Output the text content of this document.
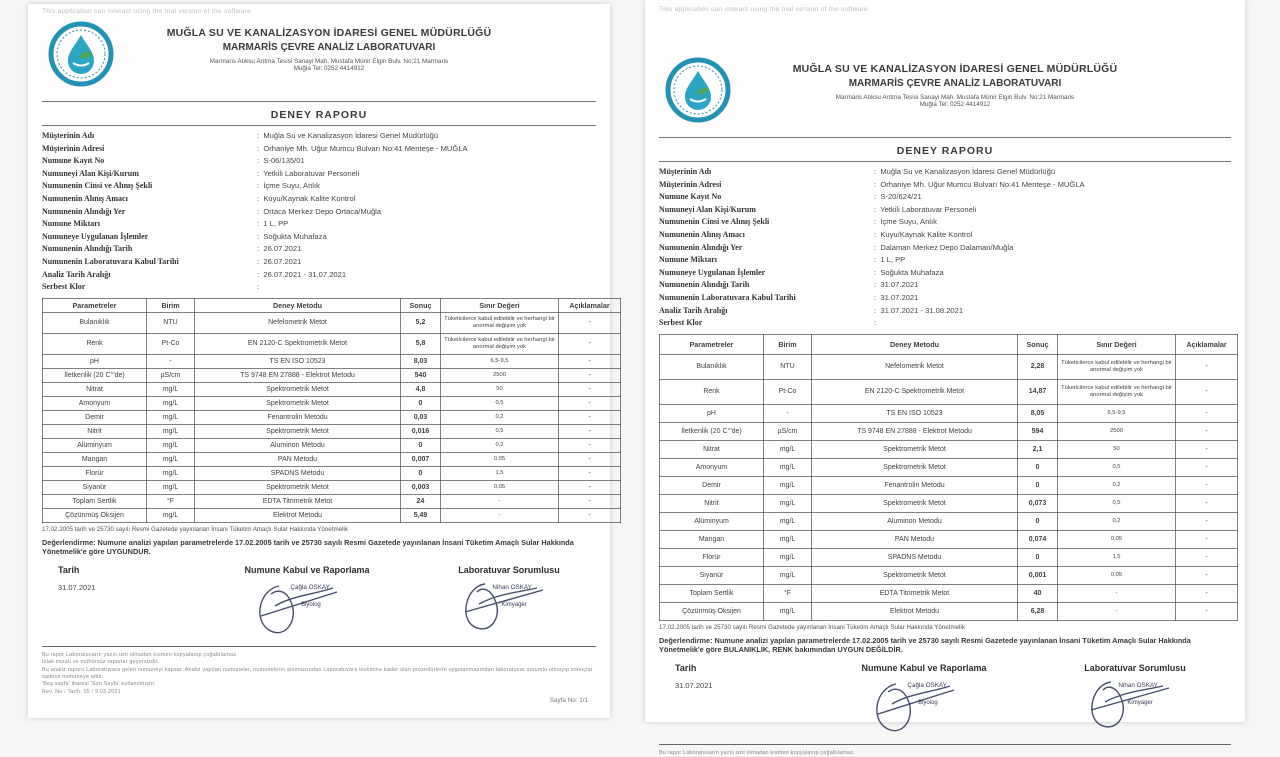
This application can interact using the trial version of the software
MUĞLA SU VE KANALİZASYON İDARESİ GENEL MÜDÜRLÜĞÜ
MARMARİS ÇEVRE ANALİZ LABORATUVARI
Marmaris Atıksu Arıtma Tesisi Sanayi Mah. Mustafa Münir Elgin Bulv. No:21 Marmaris
Muğla Tel: 0252 4414912
DENEY RAPORU
Müşterinin Adı	: Muğla Su ve Kanalizasyon İdaresi Genel Müdürlüğü
Müşterinin Adresi	: Orhaniye Mh. Uğur Mumcu Bulvarı No:41 Menteşe - MUĞLA
Numune Kayıt No	: S-06/135/01
Numuneyi Alan Kişi/Kurum	: Yetkili Laboratuvar Personeli
Numunenin Cinsi ve Alınış Şekli	: İçme Suyu, Anlık
Numunenin Alınış Amacı	: Kuyu/Kaynak Kalite Kontrol
Numunenin Alındığı Yer	: Ortaca Merkez Depo Ortaca/Muğla
Numune Miktarı	: 1 L, PP
Numuneye Uygulanan İşlemler	: Soğukta Muhafaza
Numunenin Alındığı Tarih	: 26.07.2021
Numunenin Laboratuvara Kabul Tarihi	: 26.07.2021
Analiz Tarih Aralığı	: 26.07.2021 - 31.07.2021
Serbest Klor
:
Parametreler	Birim	Deney Metodu	Sonuç	Sınır Değeri	Açıklamalar
Bulanıklık	NTU	Nefelometrik Metot	5,2	Tüketicilerce kabul edilebilir ve herhangi bir anormal değişim yok	-
Renk	Pt-Co	EN 2120-C Spektrometrik Metot	5,8	Tüketicilerce kabul edilebilir ve herhangi bir anormal değişim yok	-
pH	-	TS EN ISO 10523	8,03	6,5-9,5	-
İletkenlik (20 C°'de)	µS/cm	TS 9748 EN 27888 - Elektrot Metodu	540	2500	-
Nitrat	mg/L	Spektrometrik Metot	4,8	50	-
Amonyum	mg/L	Spektrometrik Metot	0	0,5	-
Demir	mg/L	Fenantrolin Metodu	0,03	0,2	-
Nitrit	mg/L	Spektrometrik Metot	0,016	0,5	-
Alüminyum	mg/L	Aluminon Metodu	0	0,2	-
Mangan	mg/L	PAN Metodu	0,007	0,05	-
Florür	mg/L	SPADNS Metodu	0	1,5	-
Siyanür	mg/L	Spektrometrik Metot	0,003	0,05	-
Toplam Sertlik	°F	EDTA Titrimetrik Metot	24	-	-
Çözünmüş Oksijen	mg/L	Elektrot Metodu	5,49	-	-
17.02.2005 tarih ve 25730 sayılı Resmi Gazetede yayınlanan İnsani Tüketim Amaçlı Sular Hakkında Yönetmelik
Değerlendirme: Numune analizi yapılan parametrelerde 17.02.2005 tarih ve 25730 sayılı Resmi Gazetede yayınlanan İnsani Tüketim Amaçlı Sular Hakkında Yönetmelik'e göre UYGUNDUR.
Tarih
31.07.2021
Numune Kabul ve Raporlama
Çağla OSKAY
Biyolog
Laboratuvar Sorumlusu
Nihan OSKAY
Kimyager
Bu rapor Laboratuvarın yazılı izni olmadan kısmen kopyalanıp çoğaltılamaz.
Islak imzalı ve mühürsüz raporlar geçersizdir.
Bu analiz raporu Laboratuvara gelen numuneyi kapsar. Analiz yapılan numuneler, numunelerin alınmasından Laboratuvara teslimine kadar olan prosedürlerin uygulanmasından laboratuvar sorumlu olmayıp sonuçlar sadece numuneye aittir.
'Boş sayfa' ibaresi 'Son Sayfa' kullanılmıştır.
Rev. No / Tarih: 05 / 9.03.2021
Sayfa No: 1/1
This application can interact using the trial version of the software
MUĞLA SU VE KANALİZASYON İDARESİ GENEL MÜDÜRLÜĞÜ
MARMARİS ÇEVRE ANALİZ LABORATUVARI
Marmaris Atıksu Arıtma Tesisi Sanayi Mah. Mustafa Münir Elgin Bulv. No:21 Marmaris
Muğla Tel: 0252 4414912
DENEY RAPORU
Müşterinin Adı	: Muğla Su ve Kanalizasyon İdaresi Genel Müdürlüğü
Müşterinin Adresi	: Orhaniye Mh. Uğur Mumcu Bulvarı No:41 Menteşe - MUĞLA
Numune Kayıt No	: S-20/624/21
Numuneyi Alan Kişi/Kurum	: Yetkili Laboratuvar Personeli
Numunenin Cinsi ve Alınış Şekli	: İçme Suyu, Anlık
Numunenin Alınış Amacı	: Kuyu/Kaynak Kalite Kontrol
Numunenin Alındığı Yer	: Dalaman Merkez Depo Dalaman/Muğla
Numune Miktarı	: 1 L, PP
Numuneye Uygulanan İşlemler	: Soğukta Muhafaza
Numunenin Alındığı Tarih	: 31.07.2021
Numunenin Laboratuvara Kabul Tarihi	: 31.07.2021
Analiz Tarih Aralığı	: 31.07.2021 - 31.08.2021
Serbest Klor
:
Parametreler	Birim	Deney Metodu	Sonuç	Sınır Değeri	Açıklamalar
Bulanıklık	NTU	Nefelometrik Metot	2,28	Tüketicilerce kabul edilebilir ve herhangi bir anormal değişim yok	-
Renk	Pt-Co	EN 2120-C Spektrometrik Metot	14,87	Tüketicilerce kabul edilebilir ve herhangi bir anormal değişim yok	-
pH	-	TS EN ISO 10523	8,05	6,5-9,5	-
İletkenlik (20 C°'de)	µS/cm	TS 9748 EN 27888 - Elektrot Metodu	594	2500	-
Nitrat	mg/L	Spektrometrik Metot	2,1	50	-
Amonyum	mg/L	Spektrometrik Metot	0	0,5	-
Demir	mg/L	Fenantrolin Metodu	0	0,2	-
Nitrit	mg/L	Spektrometrik Metot	0,073	0,5	-
Alüminyum	mg/L	Aluminon Metodu	0	0,2	-
Mangan	mg/L	PAN Metodu	0,074	0,05	-
Florür	mg/L	SPADNS Metodu	0	1,5	-
Siyanür	mg/L	Spektrometrik Metot	0,001	0,05	-
Toplam Sertlik	°F	EDTA Titrimetrik Metot	40	-	-
Çözünmüş Oksijen	mg/L	Elektrot Metodu	6,28	-	-
17.02.2005 tarih ve 25730 sayılı Resmi Gazetede yayınlanan İnsani Tüketim Amaçlı Sular Hakkında Yönetmelik
Değerlendirme: Numune analizi yapılan parametrelerde 17.02.2005 tarih ve 25730 sayılı Resmi Gazetede yayınlanan İnsani Tüketim Amaçlı Sular Hakkında Yönetmelik'e göre BULANIKLIK, RENK bakımından UYGUN DEĞİLDİR.
Tarih
31.07.2021
Numune Kabul ve Raporlama
Çağla OSKAY
Biyolog
Laboratuvar Sorumlusu
Nihan OSKAY
Kimyager
Bu rapor Laboratuvarın yazılı izni olmadan kısmen kopyalanıp çoğaltılamaz.
